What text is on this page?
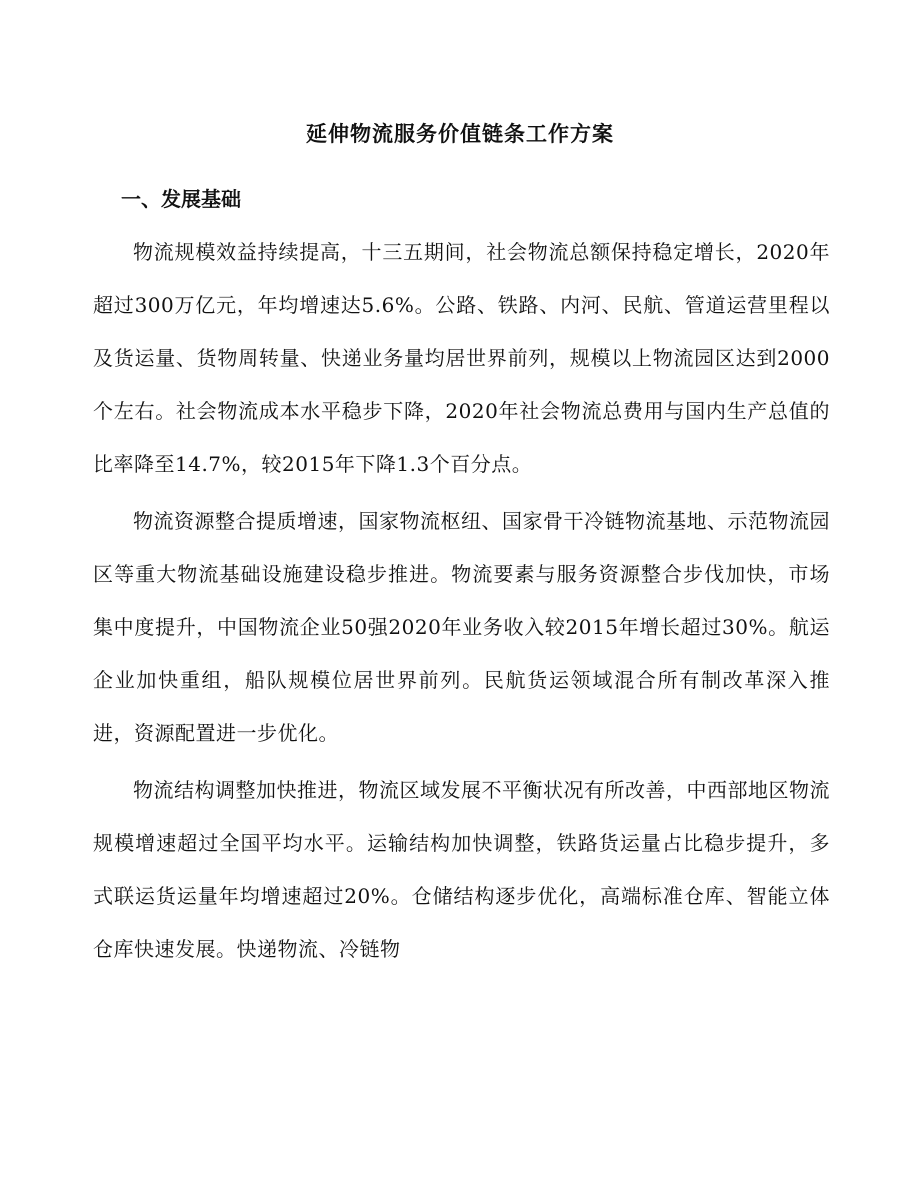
延伸物流服务价值链条工作方案
一、发展基础

物流规模效益持续提高，十三五期间，社会物流总额保持稳定增长，2020年超过300万亿元，年均增速达5.6%。公路、铁路、内河、民航、管道运营里程以及货运量、货物周转量、快递业务量均居世界前列，规模以上物流园区达到2000个左右。社会物流成本水平稳步下降，2020年社会物流总费用与国内生产总值的比率降至14.7%，较2015年下降1.3个百分点。

物流资源整合提质增速，国家物流枢纽、国家骨干冷链物流基地、示范物流园区等重大物流基础设施建设稳步推进。物流要素与服务资源整合步伐加快，市场集中度提升，中国物流企业50强2020年业务收入较2015年增长超过30%。航运企业加快重组，船队规模位居世界前列。民航货运领域混合所有制改革深入推进，资源配置进一步优化。

物流结构调整加快推进，物流区域发展不平衡状况有所改善，中西部地区物流规模增速超过全国平均水平。运输结构加快调整，铁路货运量占比稳步提升，多式联运货运量年均增速超过20%。仓储结构逐步优化，高端标准仓库、智能立体仓库快速发展。快递物流、冷链物
